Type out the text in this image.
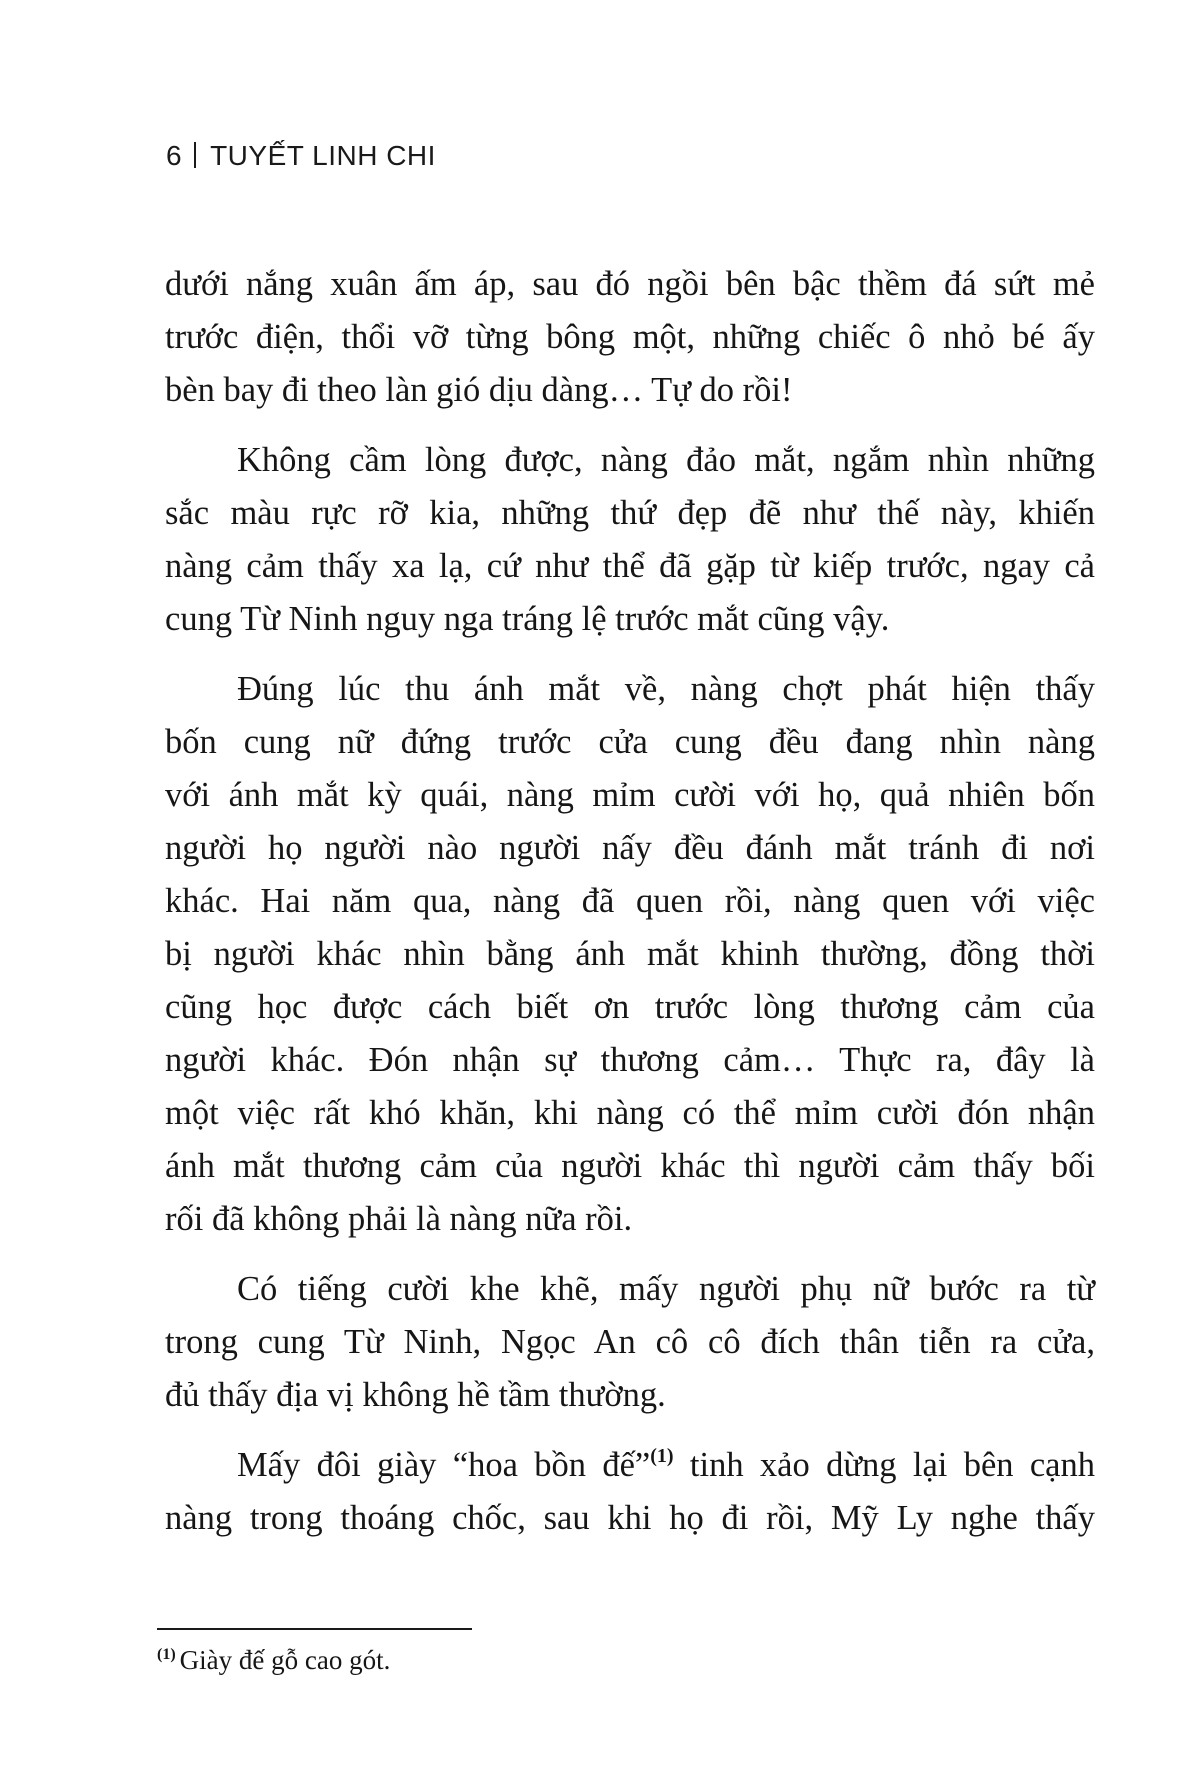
6 TUYẾT LINH CHI

dưới nắng xuân ấm áp, sau đó ngồi bên bậc thềm đá sứt mẻ
trước điện, thổi vỡ từng bông một, những chiếc ô nhỏ bé ấy
bèn bay đi theo làn gió dịu dàng… Tự do rồi!

Không cầm lòng được, nàng đảo mắt, ngắm nhìn những
sắc màu rực rỡ kia, những thứ đẹp đẽ như thế này, khiến
nàng cảm thấy xa lạ, cứ như thể đã gặp từ kiếp trước, ngay cả
cung Từ Ninh nguy nga tráng lệ trước mắt cũng vậy.

Đúng lúc thu ánh mắt về, nàng chợt phát hiện thấy
bốn cung nữ đứng trước cửa cung đều đang nhìn nàng
với ánh mắt kỳ quái, nàng mỉm cười với họ, quả nhiên bốn
người họ người nào người nấy đều đánh mắt tránh đi nơi
khác. Hai năm qua, nàng đã quen rồi, nàng quen với việc
bị người khác nhìn bằng ánh mắt khinh thường, đồng thời
cũng học được cách biết ơn trước lòng thương cảm của
người khác. Đón nhận sự thương cảm… Thực ra, đây là
một việc rất khó khăn, khi nàng có thể mỉm cười đón nhận
ánh mắt thương cảm của người khác thì người cảm thấy bối
rối đã không phải là nàng nữa rồi.

Có tiếng cười khe khẽ, mấy người phụ nữ bước ra từ
trong cung Từ Ninh, Ngọc An cô cô đích thân tiễn ra cửa,
đủ thấy địa vị không hề tầm thường.

Mấy đôi giày “hoa bồn đế”$^{(1)}$ tinh xảo dừng lại bên cạnh
nàng trong thoáng chốc, sau khi họ đi rồi, Mỹ Ly nghe thấy

$^{(1)}$ Giày đế gỗ cao gót.
